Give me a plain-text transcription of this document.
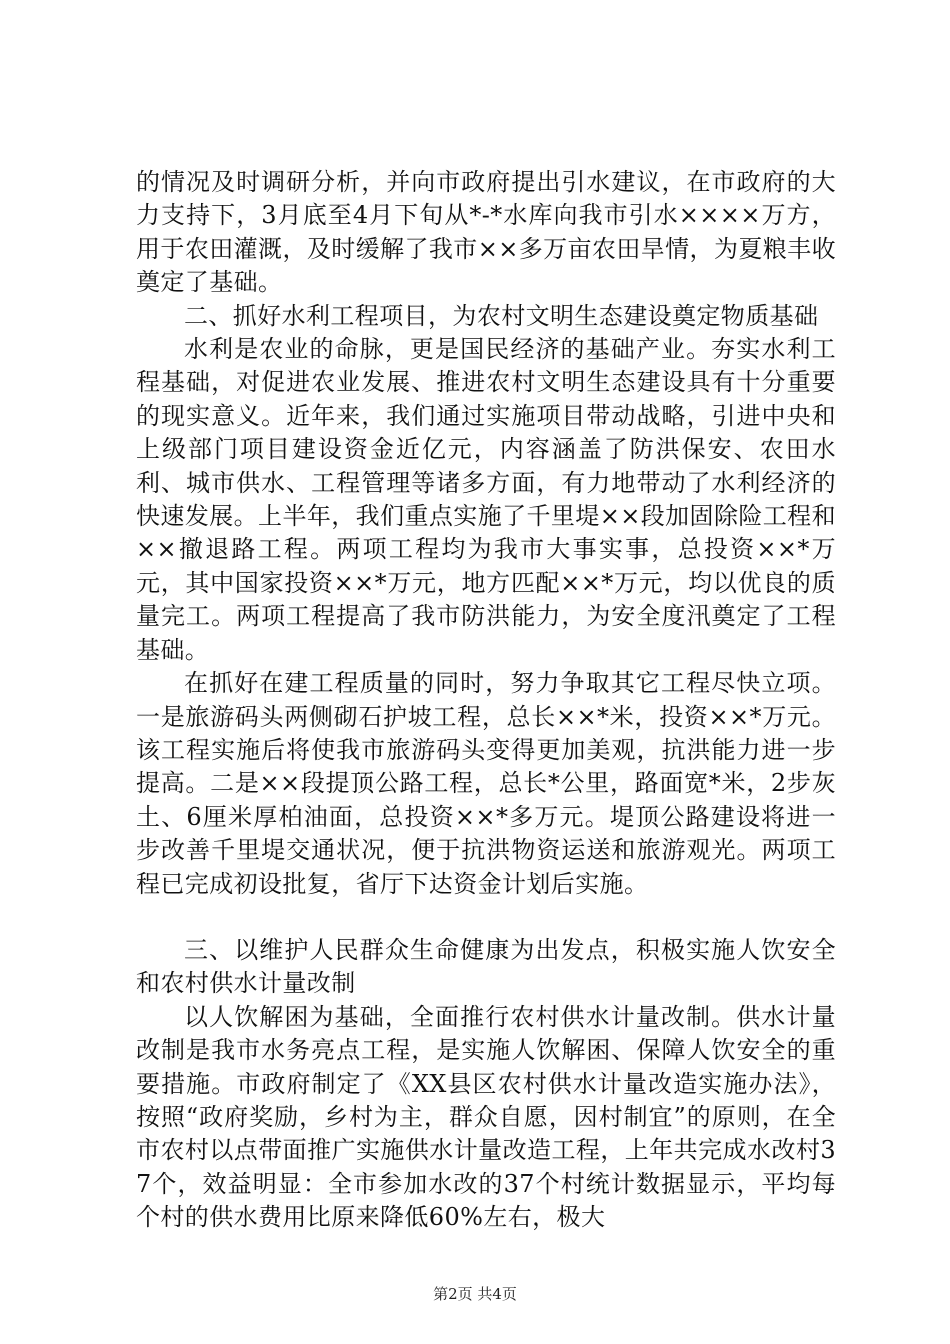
的情况及时调研分析，并向市政府提出引水建议，在市政府的大力支持下，3月底至4月下旬从*-*水库向我市引水××××万方，用于农田灌溉，及时缓解了我市××多万亩农田旱情，为夏粮丰收奠定了基础。

二、抓好水利工程项目，为农村文明生态建设奠定物质基础

水利是农业的命脉，更是国民经济的基础产业。夯实水利工程基础，对促进农业发展、推进农村文明生态建设具有十分重要的现实意义。近年来，我们通过实施项目带动战略，引进中央和上级部门项目建设资金近亿元，内容涵盖了防洪保安、农田水利、城市供水、工程管理等诸多方面，有力地带动了水利经济的快速发展。上半年，我们重点实施了千里堤××段加固除险工程和××撤退路工程。两项工程均为我市大事实事，总投资××*万元，其中国家投资××*万元，地方匹配××*万元，均以优良的质量完工。两项工程提高了我市防洪能力，为安全度汛奠定了工程基础。

在抓好在建工程质量的同时，努力争取其它工程尽快立项。一是旅游码头两侧砌石护坡工程，总长××*米，投资××*万元。该工程实施后将使我市旅游码头变得更加美观，抗洪能力进一步提高。二是××段提顶公路工程，总长*公里，路面宽*米，2步灰土、6厘米厚柏油面，总投资××*多万元。堤顶公路建设将进一步改善千里堤交通状况，便于抗洪物资运送和旅游观光。两项工程已完成初设批复，省厅下达资金计划后实施。

三、以维护人民群众生命健康为出发点，积极实施人饮安全和农村供水计量改制

以人饮解困为基础，全面推行农村供水计量改制。供水计量改制是我市水务亮点工程，是实施人饮解困、保障人饮安全的重要措施。市政府制定了《XX县区农村供水计量改造实施办法》，按照“政府奖励，乡村为主，群众自愿，因村制宜”的原则，在全市农村以点带面推广实施供水计量改造工程，上年共完成水改村37个，效益明显：全市参加水改的37个村统计数据显示，平均每个村的供水费用比原来降低60%左右，极大

第2页 共4页
